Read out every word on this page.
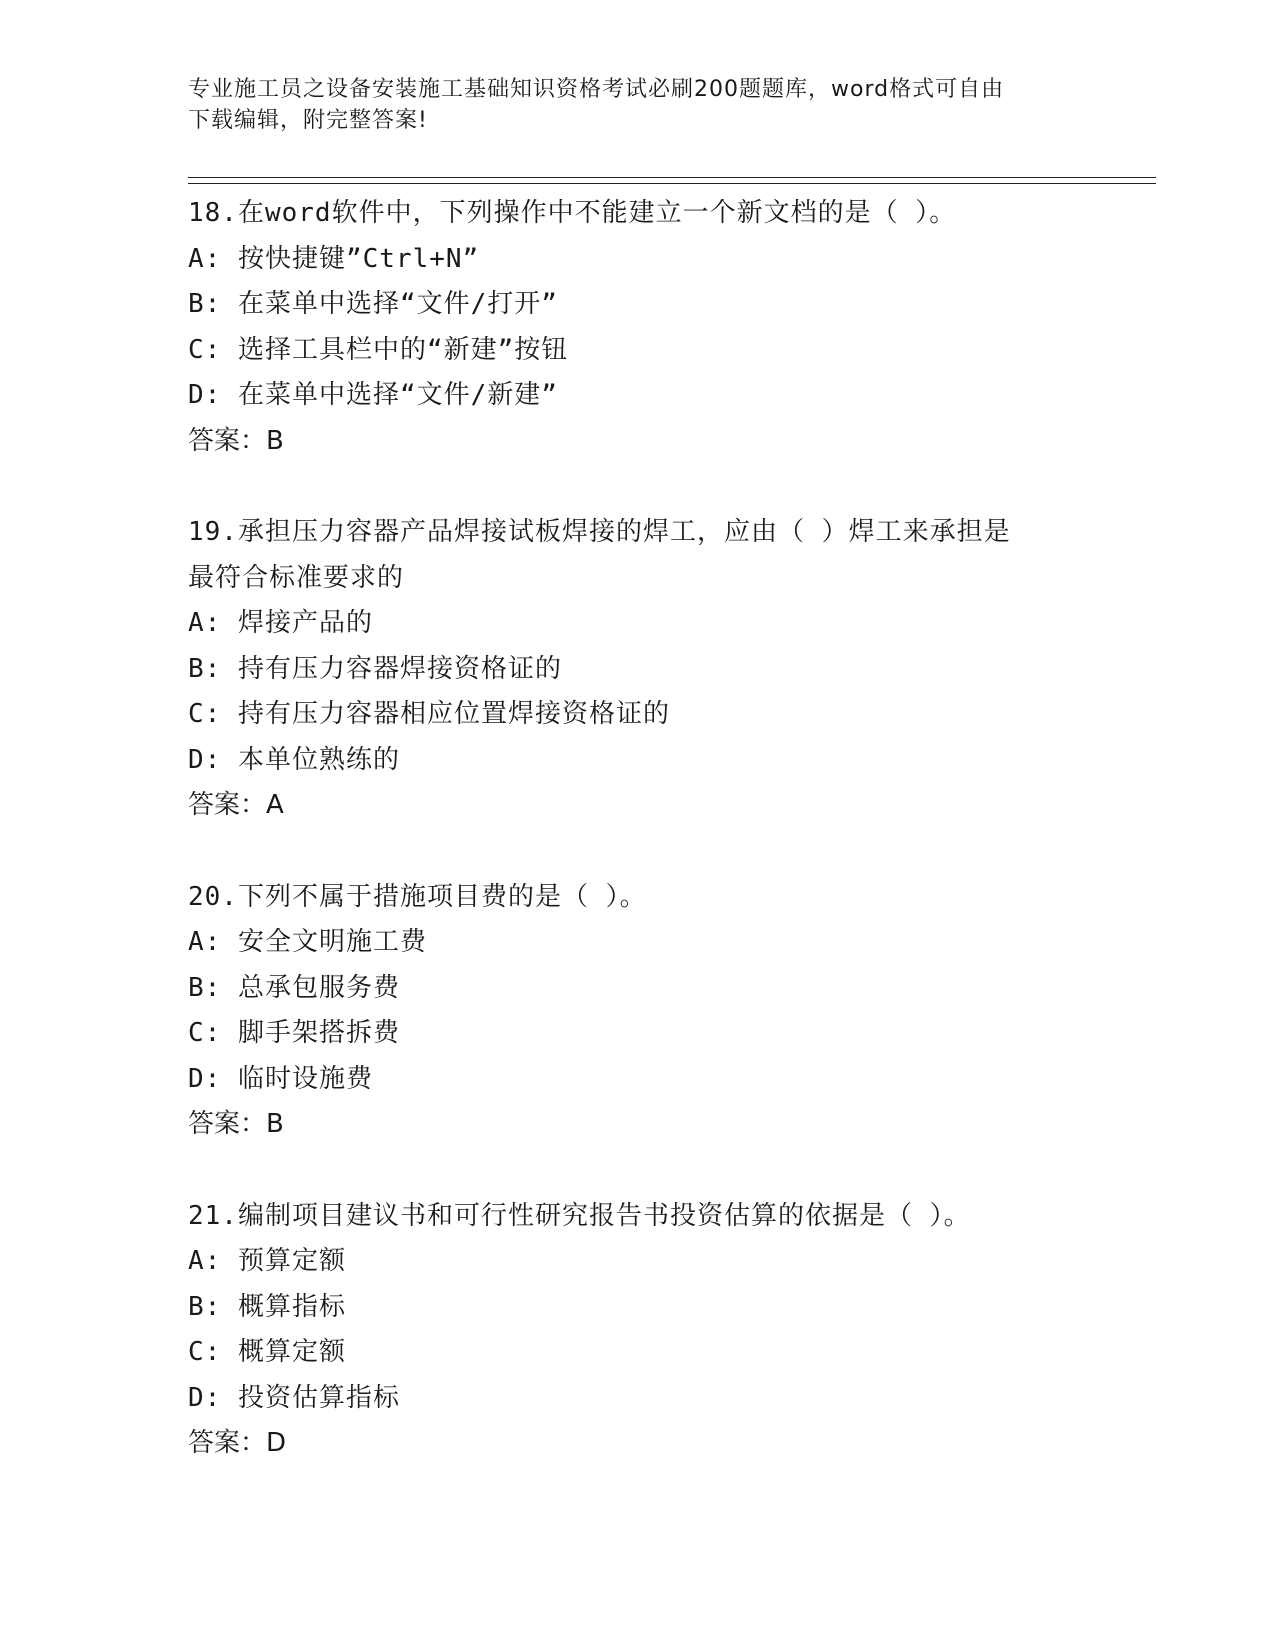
专业施工员之设备安装施工基础知识资格考试必刷200题题库，word格式可自由
下载编辑，附完整答案!
18.在word软件中，下列操作中不能建立一个新文档的是（ ）。
A: 按快捷键”Ctrl+N”
B: 在菜单中选择“文件/打开”
C: 选择工具栏中的“新建”按钮
D: 在菜单中选择“文件/新建”
答案：B
19.承担压力容器产品焊接试板焊接的焊工，应由（ ）焊工来承担是
最符合标准要求的
A: 焊接产品的
B: 持有压力容器焊接资格证的
C: 持有压力容器相应位置焊接资格证的
D: 本单位熟练的
答案：A
20.下列不属于措施项目费的是（ ）。
A: 安全文明施工费
B: 总承包服务费
C: 脚手架搭拆费
D: 临时设施费
答案：B
21.编制项目建议书和可行性研究报告书投资估算的依据是（ ）。
A: 预算定额
B: 概算指标
C: 概算定额
D: 投资估算指标
答案：D
